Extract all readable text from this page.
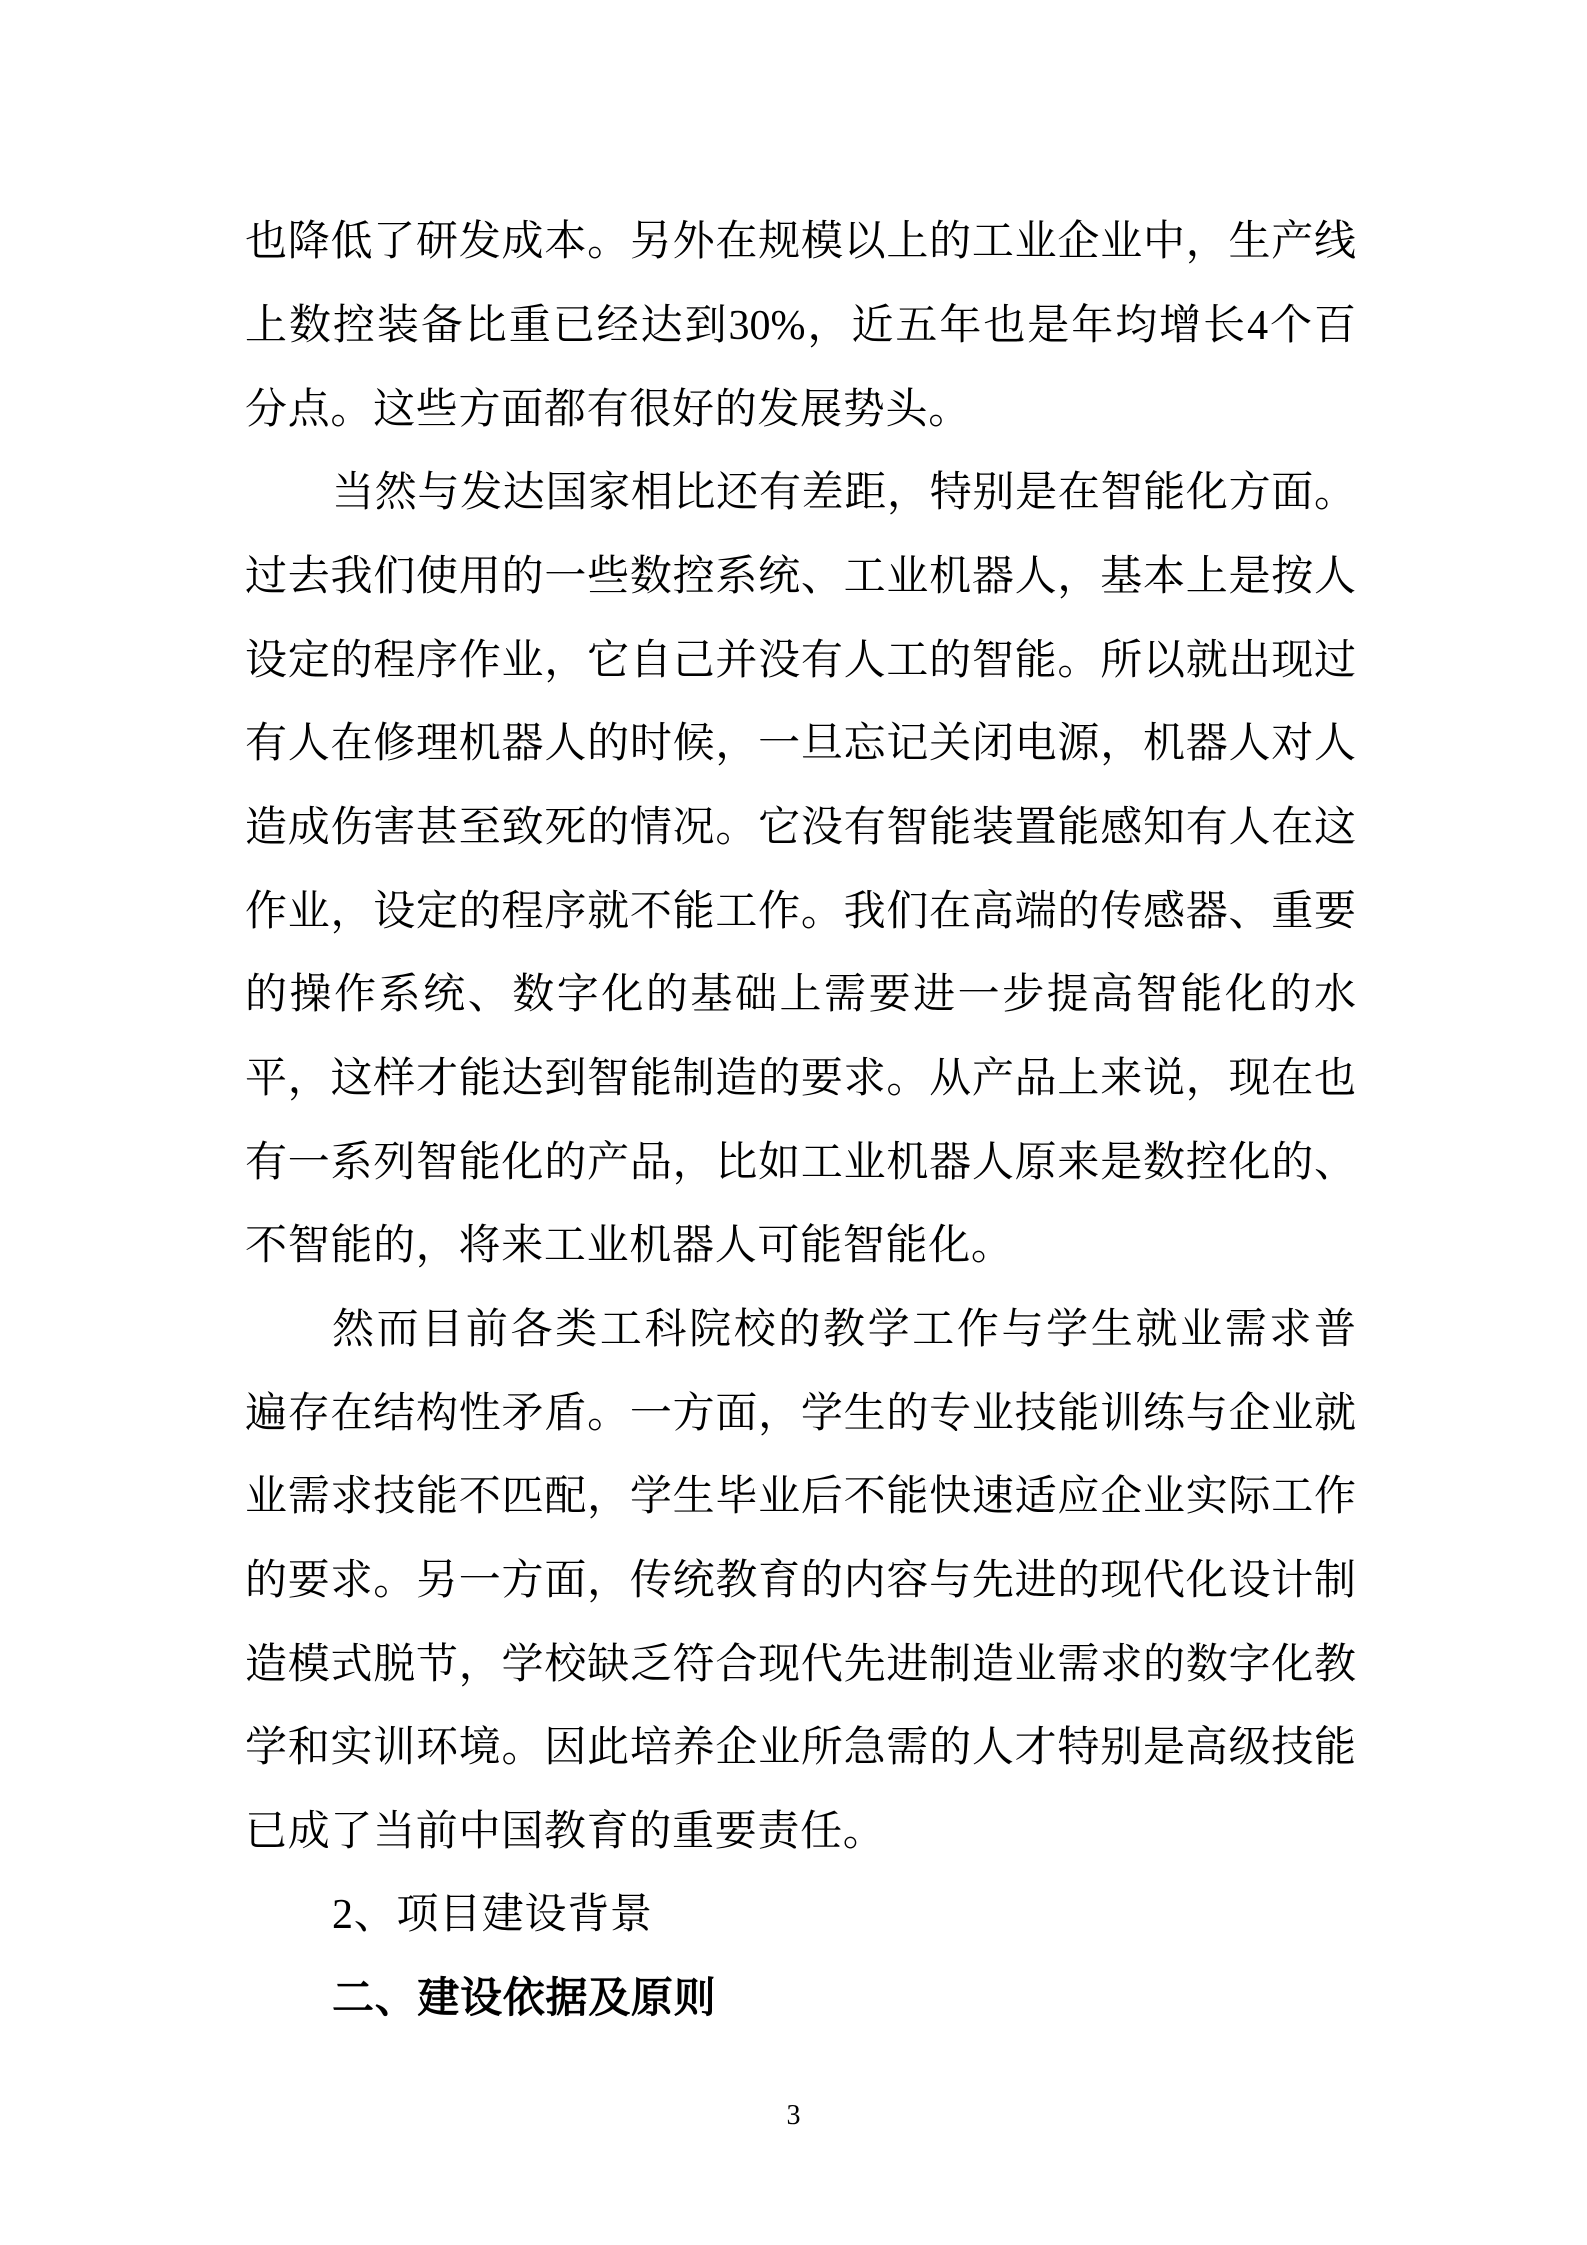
也降低了研发成本。另外在规模以上的工业企业中，生产线
上数控装备比重已经达到30%，近五年也是年均增长4个百
分点。这些方面都有很好的发展势头。
当然与发达国家相比还有差距，特别是在智能化方面。
过去我们使用的一些数控系统、工业机器人，基本上是按人
设定的程序作业，它自己并没有人工的智能。所以就出现过
有人在修理机器人的时候，一旦忘记关闭电源，机器人对人
造成伤害甚至致死的情况。它没有智能装置能感知有人在这
作业，设定的程序就不能工作。我们在高端的传感器、重要
的操作系统、数字化的基础上需要进一步提高智能化的水
平，这样才能达到智能制造的要求。从产品上来说，现在也
有一系列智能化的产品，比如工业机器人原来是数控化的、
不智能的，将来工业机器人可能智能化。
然而目前各类工科院校的教学工作与学生就业需求普
遍存在结构性矛盾。一方面，学生的专业技能训练与企业就
业需求技能不匹配，学生毕业后不能快速适应企业实际工作
的要求。另一方面，传统教育的内容与先进的现代化设计制
造模式脱节，学校缺乏符合现代先进制造业需求的数字化教
学和实训环境。因此培养企业所急需的人才特别是高级技能
已成了当前中国教育的重要责任。
2、项目建设背景
二、建设依据及原则
3
